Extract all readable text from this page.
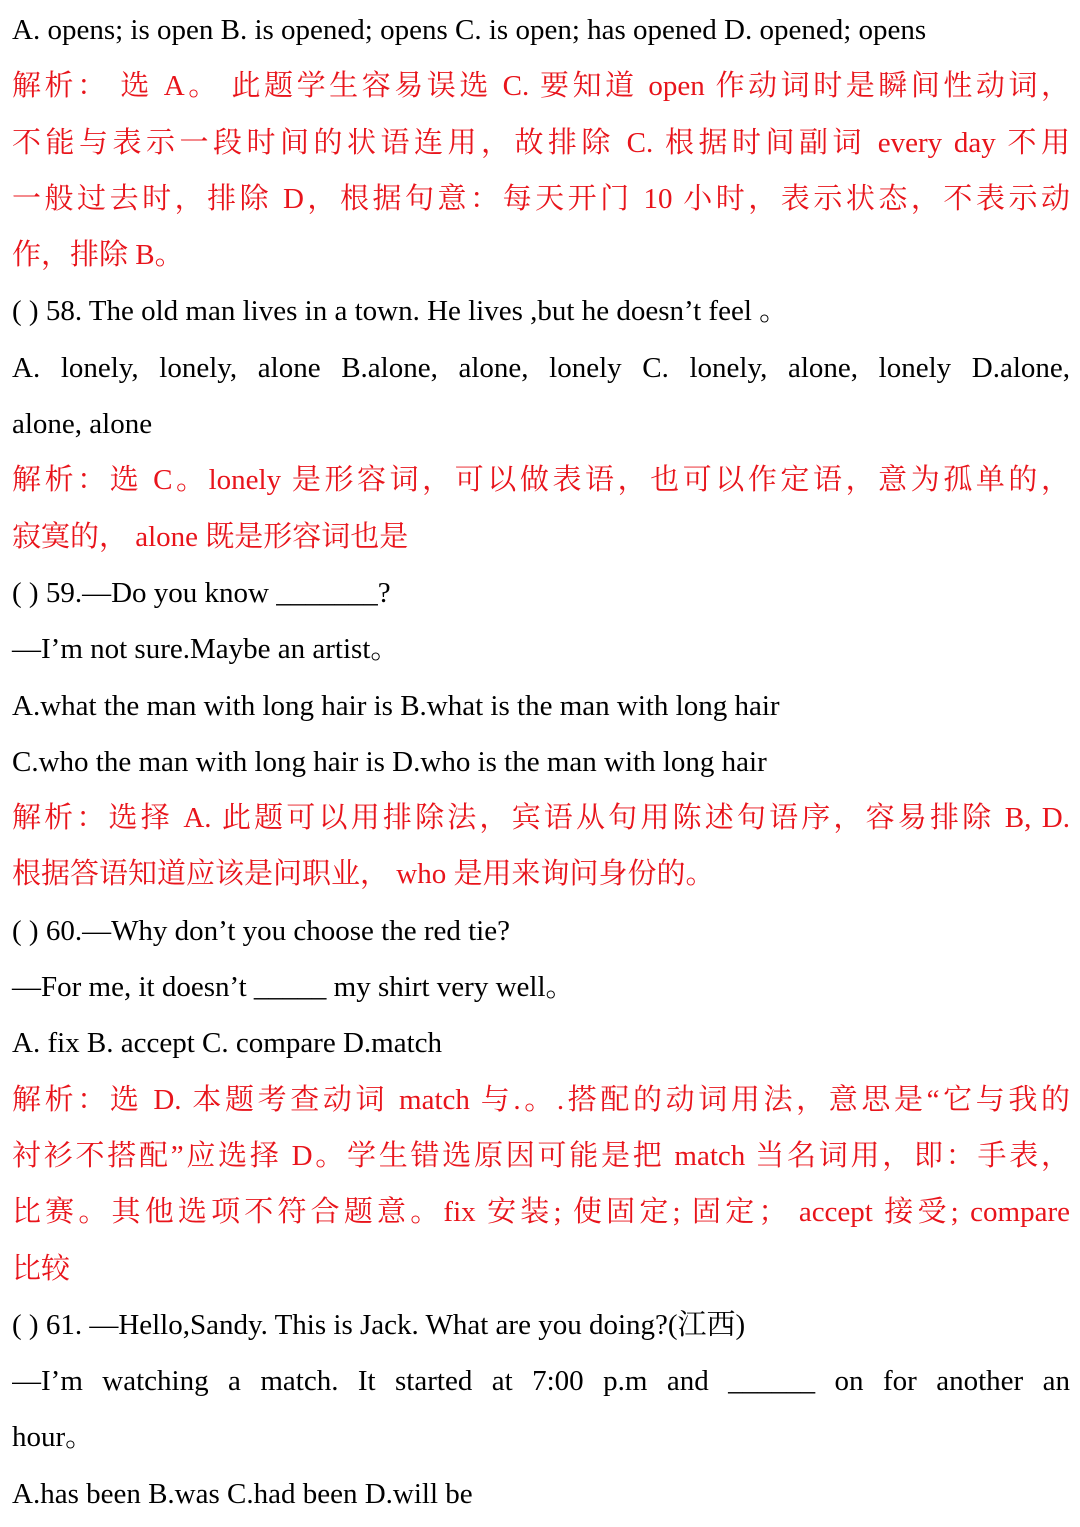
A. opens; is open B. is opened; opens C. is open; has opened D. opened; opens
解析： 选 A。 此题学生容易误选 C. 要知道 open 作动词时是瞬间性动词，
不能与表示一段时间的状语连用，故排除 C. 根据时间副词 every day 不用
一般过去时，排除 D，根据句意：每天开门 10 小时，表示状态，不表示动
作，排除 B。
( ) 58. The old man lives in a town. He lives ,but he doesn’t feel 。
A. lonely, lonely, alone B.alone, alone, lonely C. lonely, alone, lonely D.alone,
alone, alone
解析：选 C。lonely 是形容词，可以做表语，也可以作定语，意为孤单的，
寂寞的， alone 既是形容词也是
( ) 59.—Do you know _______?
—I’m not sure.Maybe an artist。
A.what the man with long hair is B.what is the man with long hair
C.who the man with long hair is D.who is the man with long hair
解析：选择 A. 此题可以用排除法，宾语从句用陈述句语序，容易排除 B, D.
根据答语知道应该是问职业， who 是用来询问身份的。
( ) 60.—Why don’t you choose the red tie?
—For me, it doesn’t _____ my shirt very well。
A. fix B. accept C. compare D.match
解析：选 D. 本题考查动词 match 与.。.搭配的动词用法，意思是“它与我的
衬衫不搭配”应选择 D。学生错选原因可能是把 match 当名词用，即：手表，
比赛。其他选项不符合题意。fix 安装; 使固定; 固定； accept 接受; compare
比较
( ) 61. —Hello,Sandy. This is Jack. What are you doing?(江西)
—I’m watching a match. It started at 7:00 p.m and ______ on for another an
hour。
A.has been B.was C.had been D.will be
